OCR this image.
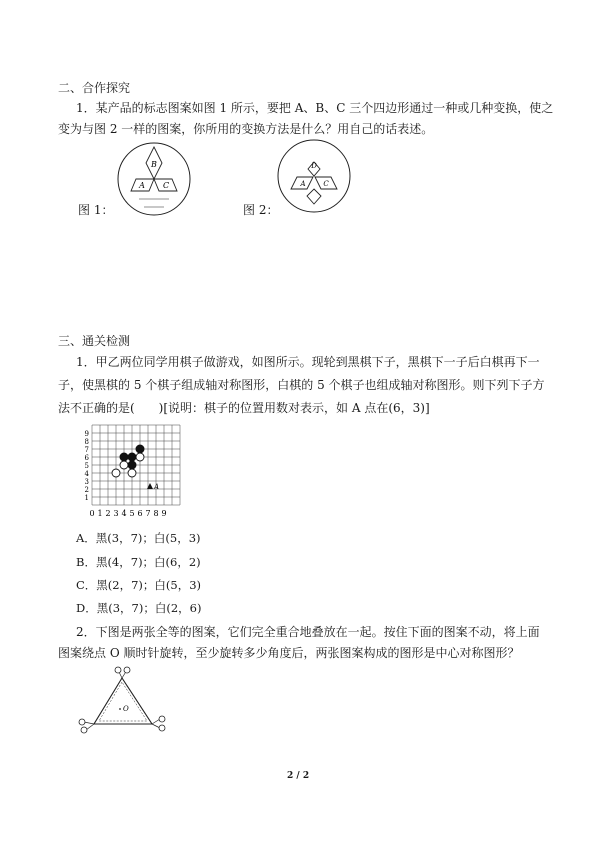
二、合作探究
1．某产品的标志图案如图 1 所示，要把 A、B、C 三个四边形通过一种或几种变换，使之
变为与图 2 一样的图案，你所用的变换方法是什么？用自己的话表述。
B
A C
图 1：
D
A	C
图 2：
三、通关检测
1．甲乙两位同学用棋子做游戏，如图所示。现轮到黑棋下子，黑棋下一子后白棋再下一
子，使黑棋的 5 个棋子组成轴对称图形，白棋的 5 个棋子也组成轴对称图形。则下列下子方
法不正确的是(　　)[说明：棋子的位置用数对表示，如 A 点在(6，3)]
0 1 2 3 4 5 6 7 8 9
1
2
3
4
5
6
7
8
9
A
A．黑(3，7)；白(5，3)
B．黑(4，7)；白(6，2)
C．黑(2，7)；白(5，3)
D．黑(3，7)；白(2，6)
2．下图是两张全等的图案，它们完全重合地叠放在一起。按住下面的图案不动，将上面
图案绕点 O 顺时针旋转，至少旋转多少角度后，两张图案构成的图形是中心对称图形？
O
2 / 2
